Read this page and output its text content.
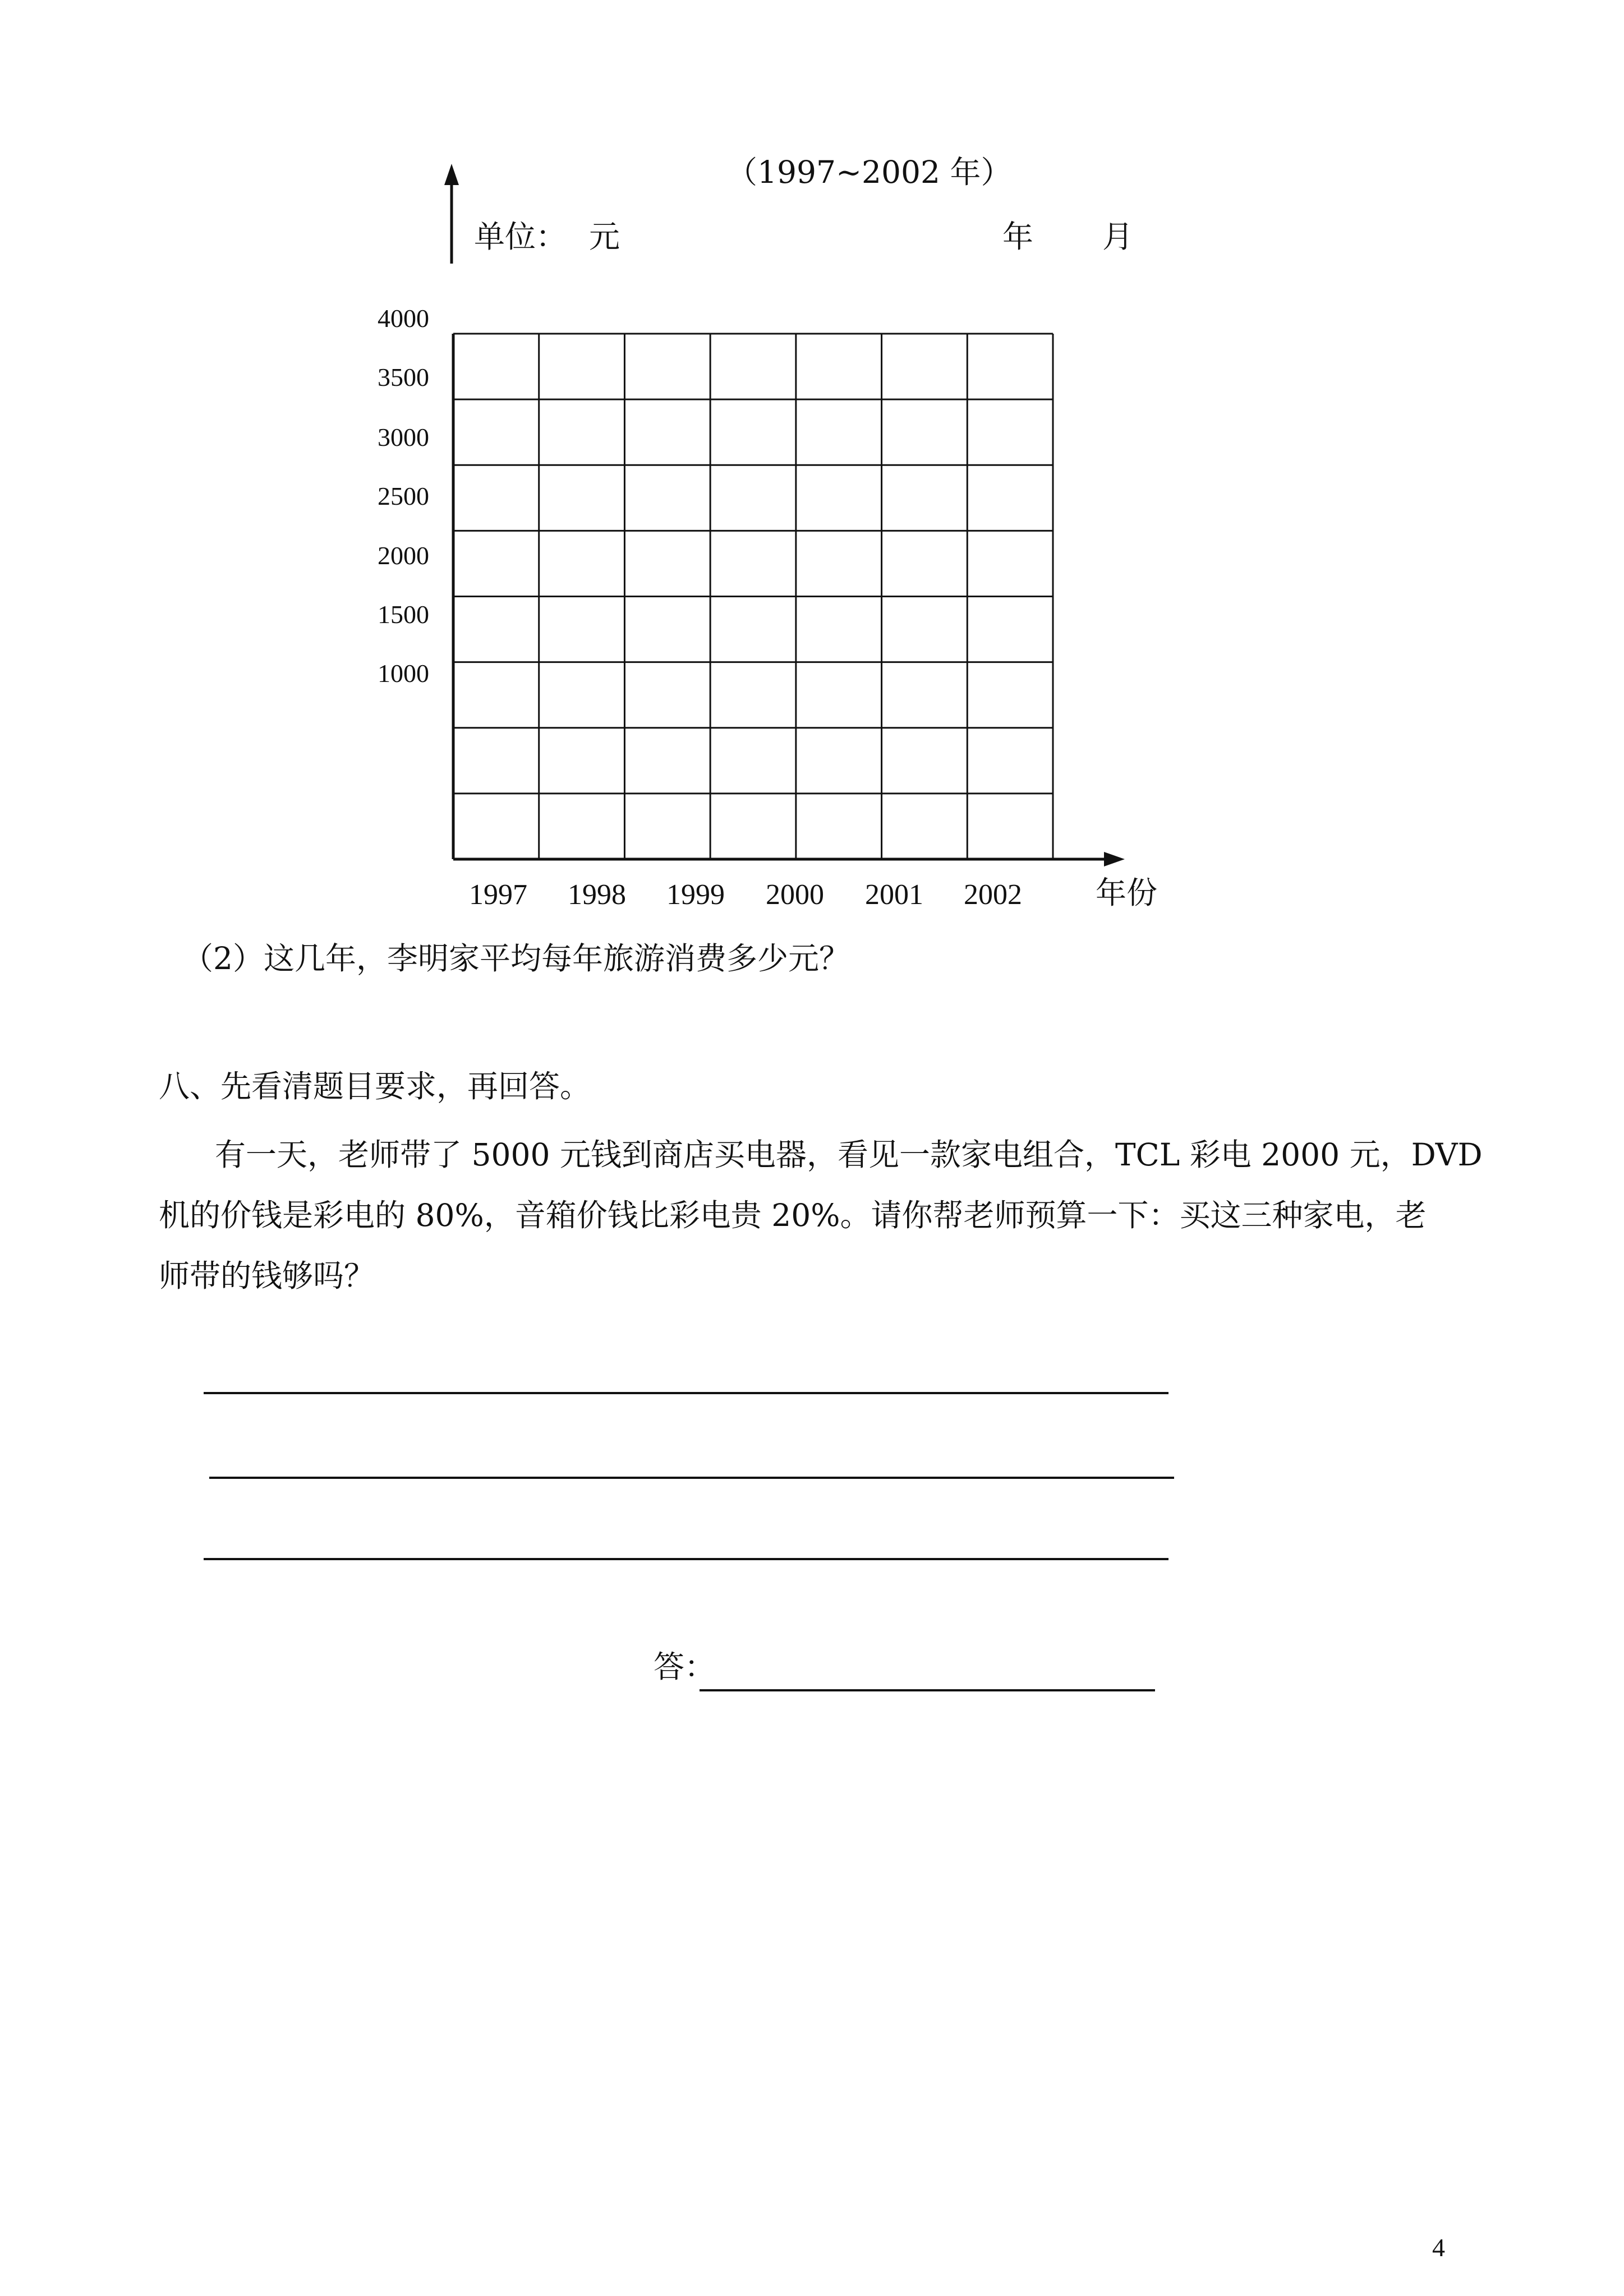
（1997~2002 年）
单位： 元	年 月
4000
3500
3000
2500
2000
1500
1000
1997 1998 1999 2000 2001 2002 年份
（2）这几年，李明家平均每年旅游消费多少元？
八、先看清题目要求，再回答。
有一天，老师带了 5000 元钱到商店买电器，看见一款家电组合，TCL 彩电 2000 元，DVD
机的价钱是彩电的 80%，音箱价钱比彩电贵 20%。请你帮老师预算一下：买这三种家电，老
师带的钱够吗？
答：
4
